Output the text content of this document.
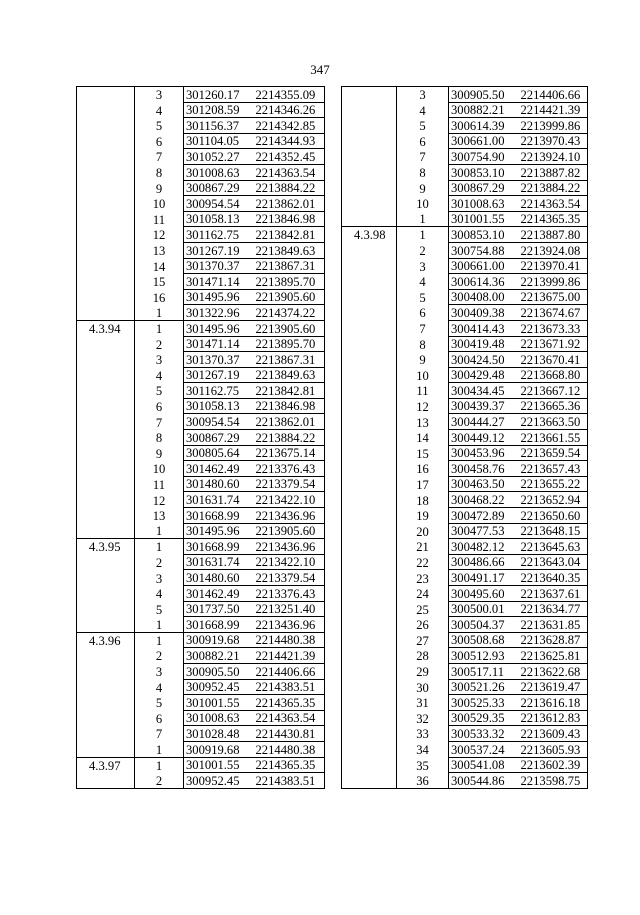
347
	3	301260.17	2214355.09
	4	301208.59	2214346.26
	5	301156.37	2214342.85
	6	301104.05	2214344.93
	7	301052.27	2214352.45
	8	301008.63	2214363.54
	9	300867.29	2213884.22
	10	300954.54	2213862.01
	11	301058.13	2213846.98
	12	301162.75	2213842.81
	13	301267.19	2213849.63
	14	301370.37	2213867.31
	15	301471.14	2213895.70
	16	301495.96	2213905.60
	1	301322.96	2214374.22
4.3.94	1	301495.96	2213905.60
	2	301471.14	2213895.70
	3	301370.37	2213867.31
	4	301267.19	2213849.63
	5	301162.75	2213842.81
	6	301058.13	2213846.98
	7	300954.54	2213862.01
	8	300867.29	2213884.22
	9	300805.64	2213675.14
	10	301462.49	2213376.43
	11	301480.60	2213379.54
	12	301631.74	2213422.10
	13	301668.99	2213436.96
	1	301495.96	2213905.60
4.3.95	1	301668.99	2213436.96
	2	301631.74	2213422.10
	3	301480.60	2213379.54
	4	301462.49	2213376.43
	5	301737.50	2213251.40
	1	301668.99	2213436.96
4.3.96	1	300919.68	2214480.38
	2	300882.21	2214421.39
	3	300905.50	2214406.66
	4	300952.45	2214383.51
	5	301001.55	2214365.35
	6	301008.63	2214363.54
	7	301028.48	2214430.81
	1	300919.68	2214480.38
4.3.97	1	301001.55	2214365.35
	2	300952.45	2214383.51
	3	300905.50	2214406.66
	4	300882.21	2214421.39
	5	300614.39	2213999.86
	6	300661.00	2213970.43
	7	300754.90	2213924.10
	8	300853.10	2213887.82
	9	300867.29	2213884.22
	10	301008.63	2214363.54
	1	301001.55	2214365.35
4.3.98	1	300853.10	2213887.80
	2	300754.88	2213924.08
	3	300661.00	2213970.41
	4	300614.36	2213999.86
	5	300408.00	2213675.00
	6	300409.38	2213674.67
	7	300414.43	2213673.33
	8	300419.48	2213671.92
	9	300424.50	2213670.41
	10	300429.48	2213668.80
	11	300434.45	2213667.12
	12	300439.37	2213665.36
	13	300444.27	2213663.50
	14	300449.12	2213661.55
	15	300453.96	2213659.54
	16	300458.76	2213657.43
	17	300463.50	2213655.22
	18	300468.22	2213652.94
	19	300472.89	2213650.60
	20	300477.53	2213648.15
	21	300482.12	2213645.63
	22	300486.66	2213643.04
	23	300491.17	2213640.35
	24	300495.60	2213637.61
	25	300500.01	2213634.77
	26	300504.37	2213631.85
	27	300508.68	2213628.87
	28	300512.93	2213625.81
	29	300517.11	2213622.68
	30	300521.26	2213619.47
	31	300525.33	2213616.18
	32	300529.35	2213612.83
	33	300533.32	2213609.43
	34	300537.24	2213605.93
	35	300541.08	2213602.39
	36	300544.86	2213598.75
